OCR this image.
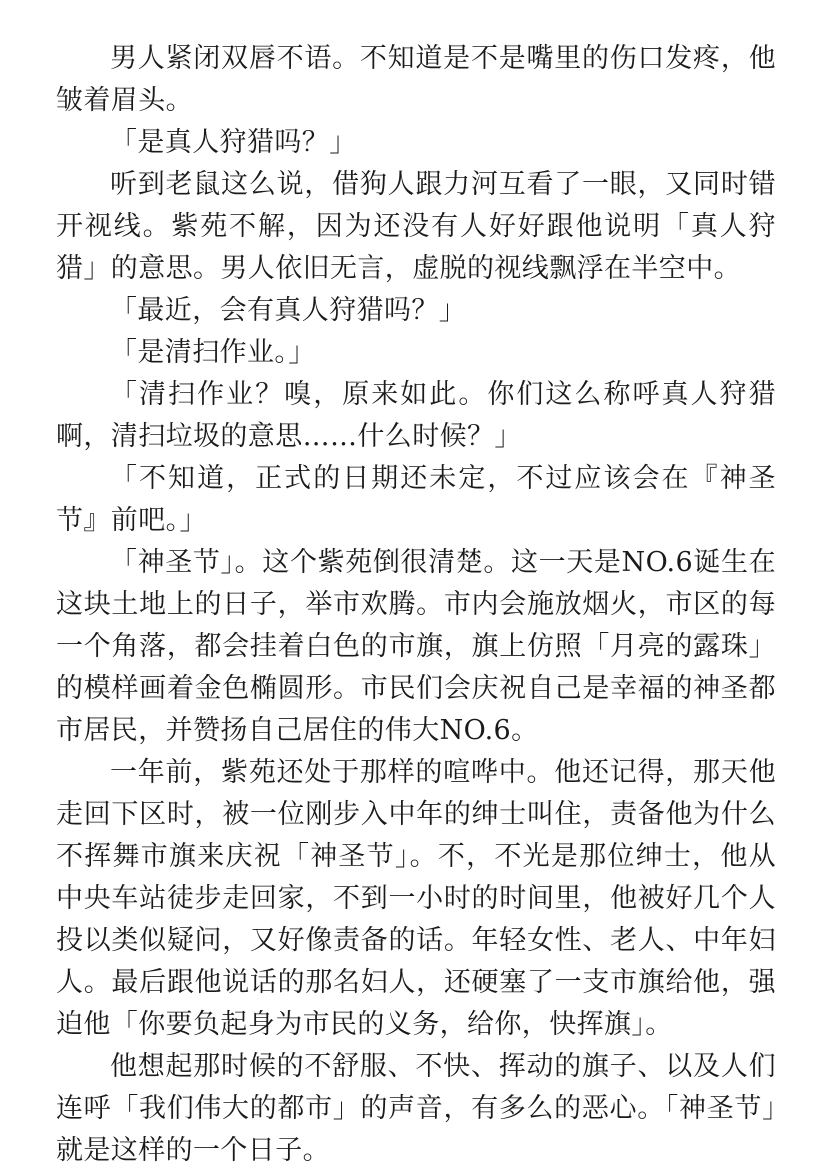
男人紧闭双唇不语。不知道是不是嘴里的伤口发疼，他皱着眉头。

「是真人狩猎吗？」

听到老鼠这么说，借狗人跟力河互看了一眼，又同时错开视线。紫苑不解，因为还没有人好好跟他说明「真人狩猎」的意思。男人依旧无言，虚脱的视线飘浮在半空中。

「最近，会有真人狩猎吗？」

「是清扫作业。」

「清扫作业？嗅，原来如此。你们这么称呼真人狩猎啊，清扫垃圾的意思……什么时候？」

「不知道，正式的日期还未定，不过应该会在『神圣节』前吧。」

「神圣节」。这个紫苑倒很清楚。这一天是NO.6诞生在这块土地上的日子，举市欢腾。市内会施放烟火，市区的每一个角落，都会挂着白色的市旗，旗上仿照「月亮的露珠」的模样画着金色椭圆形。市民们会庆祝自己是幸福的神圣都市居民，并赞扬自己居住的伟大NO.6。

一年前，紫苑还处于那样的喧哗中。他还记得，那天他走回下区时，被一位刚步入中年的绅士叫住，责备他为什么不挥舞市旗来庆祝「神圣节」。不，不光是那位绅士，他从中央车站徒步走回家，不到一小时的时间里，他被好几个人投以类似疑问，又好像责备的话。年轻女性、老人、中年妇人。最后跟他说话的那名妇人，还硬塞了一支市旗给他，强迫他「你要负起身为市民的义务，给你，快挥旗」。

他想起那时候的不舒服、不快、挥动的旗子、以及人们连呼「我们伟大的都市」的声音，有多么的恶心。「神圣节」就是这样的一个日子。
